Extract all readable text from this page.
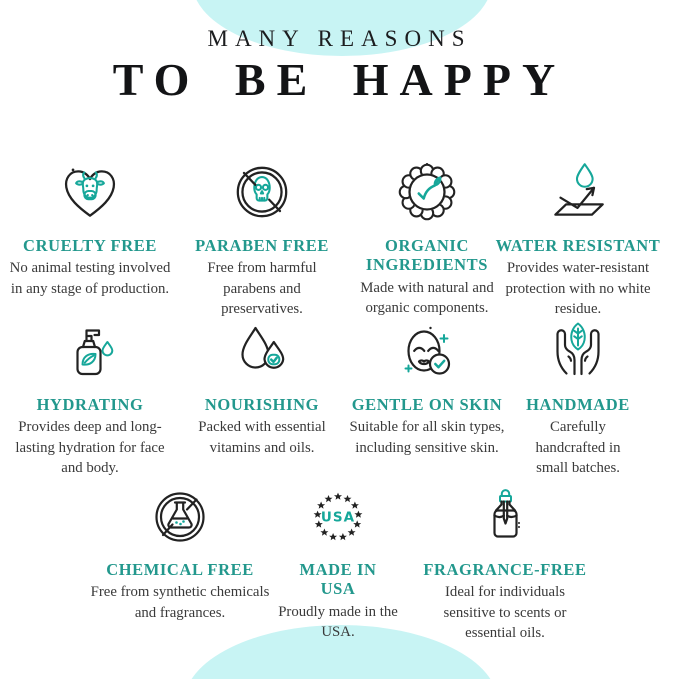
MANY REASONS
TO BE HAPPY
CRUELTY FREE
No animal testing involved in any stage of production.
PARABEN FREE
Free from harmful parabens and preservatives.
ORGANIC INGREDIENTS
Made with natural and organic components.
WATER RESISTANT
Provides water-resistant protection with no white residue.
HYDRATING
Provides deep and long-lasting hydration for face and body.
NOURISHING
Packed with essential vitamins and oils.
GENTLE ON SKIN
Suitable for all skin types, including sensitive skin.
HANDMADE
Carefully handcrafted in small batches.
CHEMICAL FREE
Free from synthetic chemicals and fragrances.
USA
MADE IN USA
Proudly made in the USA.
FRAGRANCE-FREE
Ideal for individuals sensitive to scents or essential oils.
